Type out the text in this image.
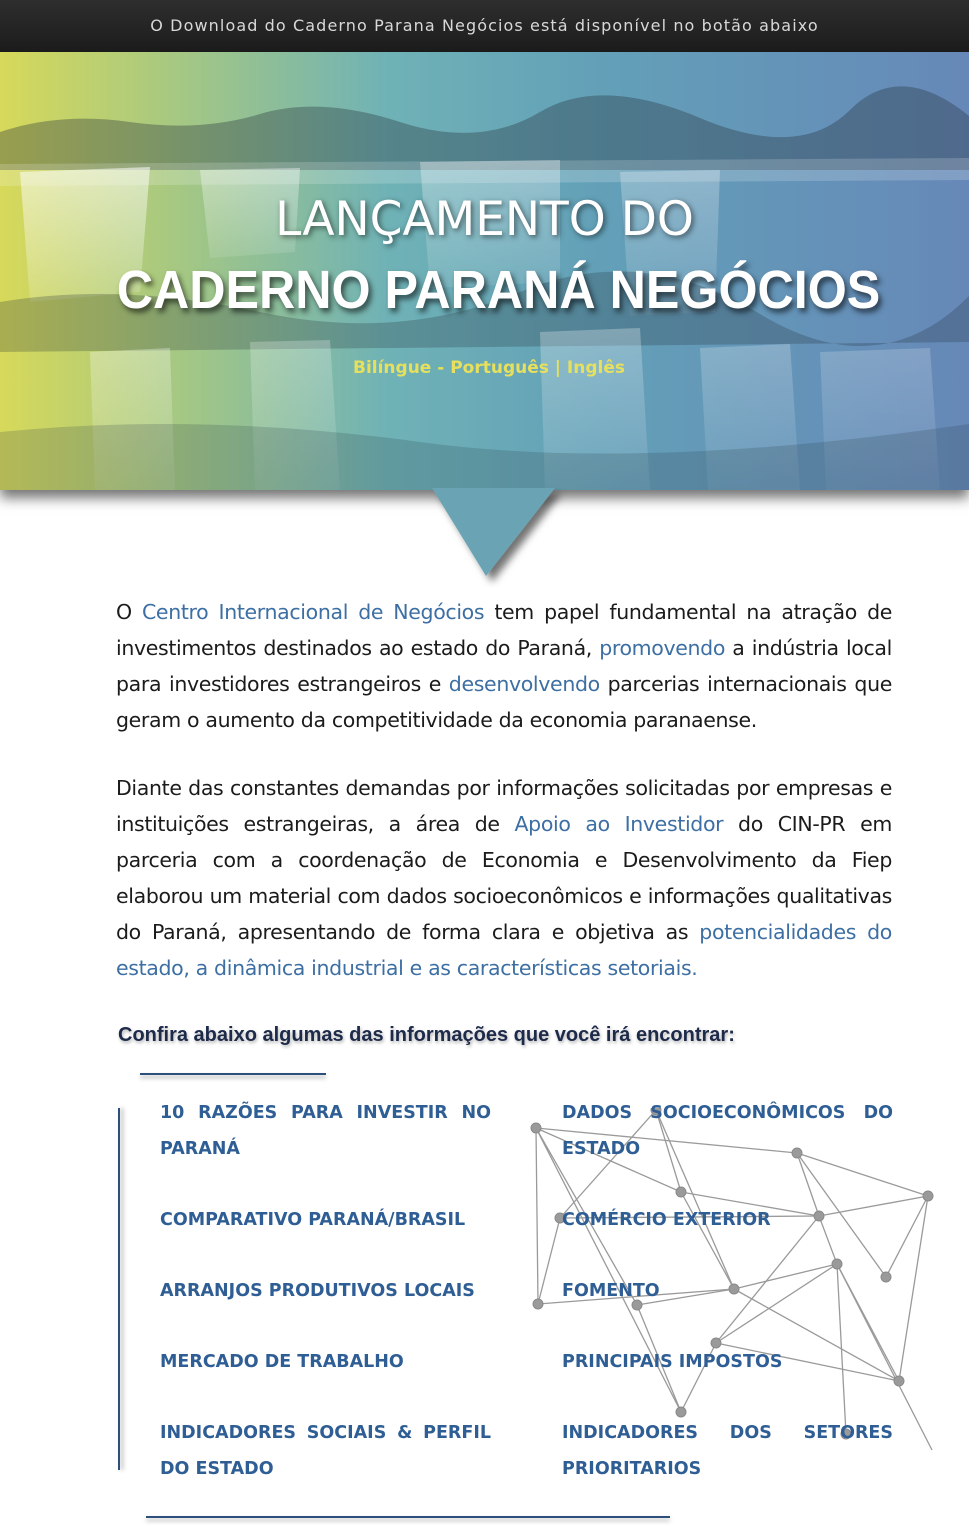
O Download do Caderno Parana Negócios está disponível no botão abaixo
LANÇAMENTO DO
CADERNO PARANÁ NEGÓCIOS
Bilíngue - Português | Inglês

O Centro Internacional de Negócios tem papel fundamental na atração de investimentos destinados ao estado do Paraná, promovendo a indústria local para investidores estrangeiros e desenvolvendo parcerias internacionais que geram o aumento da competitividade da economia paranaense.

Diante das constantes demandas por informações solicitadas por empresas e instituições estrangeiras, a área de Apoio ao Investidor do CIN-PR em parceria com a coordenação de Economia e Desenvolvimento da Fiep elaborou um material com dados socioeconômicos e informações qualitativas do Paraná, apresentando de forma clara e objetiva as potencialidades do estado, a dinâmica industrial e as características setoriais.

Confira abaixo algumas das informações que você irá encontrar:
10 RAZÕES PARA INVESTIR NO PARANÁ
COMPARATIVO PARANÁ/BRASIL
ARRANJOS PRODUTIVOS LOCAIS
MERCADO DE TRABALHO
INDICADORES SOCIAIS & PERFIL DO ESTADO
DADOS SOCIOECONÔMICOS DO ESTADO
COMÉRCIO EXTERIOR
FOMENTO
PRINCIPAIS IMPOSTOS
INDICADORES DOS SETORES PRIORITARIOS
